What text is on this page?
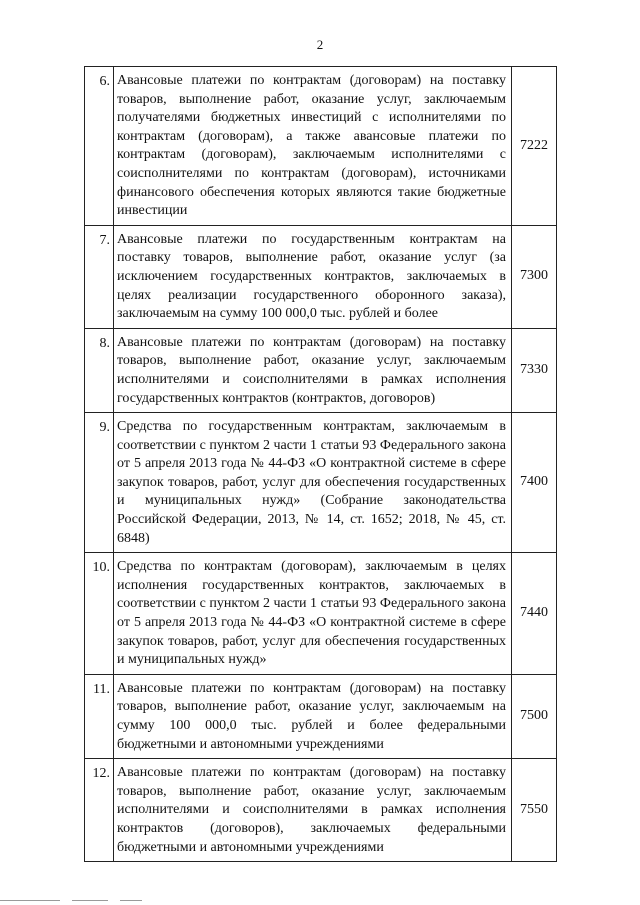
2
6.	Авансовые платежи по контрактам (договорам) на поставку товаров, выполнение работ, оказание услуг, заключаемым получателями бюджетных инвестиций с исполнителями по контрактам (договорам), а также авансовые платежи по контрактам (договорам), заключаемым исполнителями с соисполнителями по контрактам (договорам), источниками финансового обеспечения которых являются такие бюджетные инвестиции	7222
7.	Авансовые платежи по государственным контрактам на поставку товаров, выполнение работ, оказание услуг (за исключением государственных контрактов, заключаемых в целях реализации государственного оборонного заказа), заключаемым на сумму 100 000,0 тыс. рублей и более	7300
8.	Авансовые платежи по контрактам (договорам) на поставку товаров, выполнение работ, оказание услуг, заключаемым исполнителями и соисполнителями в рамках исполнения государственных контрактов (контрактов, договоров)	7330
9.	Средства по государственным контрактам, заключаемым в соответствии с пунктом 2 части 1 статьи 93 Федерального закона от 5 апреля 2013 года № 44-ФЗ «О контрактной системе в сфере закупок товаров, работ, услуг для обеспечения государственных и муниципальных нужд» (Собрание законодательства Российской Федерации, 2013, № 14, ст. 1652; 2018, № 45, ст. 6848)	7400
10.	Средства по контрактам (договорам), заключаемым в целях исполнения государственных контрактов, заключаемых в соответствии с пунктом 2 части 1 статьи 93 Федерального закона от 5 апреля 2013 года № 44-ФЗ «О контрактной системе в сфере закупок товаров, работ, услуг для обеспечения государственных и муниципальных нужд»	7440
11.	Авансовые платежи по контрактам (договорам) на поставку товаров, выполнение работ, оказание услуг, заключаемым на сумму 100 000,0 тыс. рублей и более федеральными бюджетными и автономными учреждениями	7500
12.	Авансовые платежи по контрактам (договорам) на поставку товаров, выполнение работ, оказание услуг, заключаемым исполнителями и соисполнителями в рамках исполнения контрактов (договоров), заключаемых федеральными бюджетными и автономными учреждениями	7550
